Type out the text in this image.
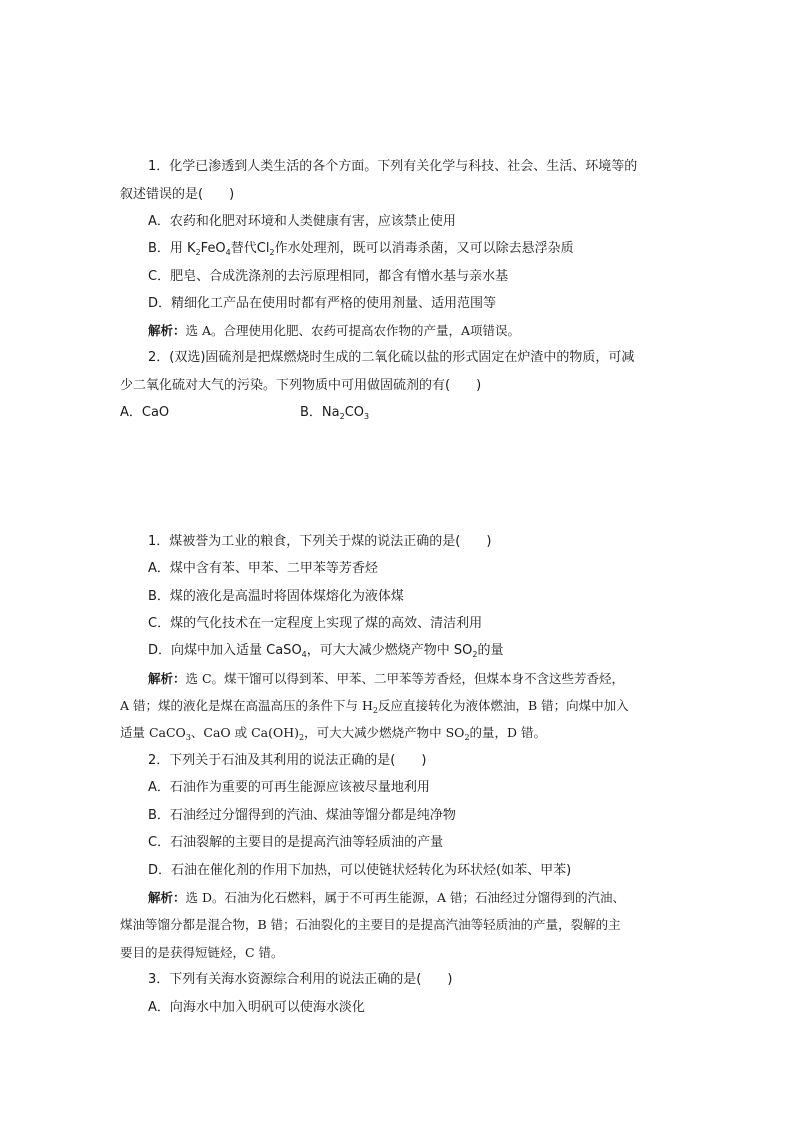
1．化学已渗透到人类生活的各个方面。下列有关化学与科技、社会、生活、环境等的
叙述错误的是(　　)
A．农药和化肥对环境和人类健康有害，应该禁止使用
B．用 $K_2FeO_4$替代$Cl_2$作水处理剂，既可以消毒杀菌，又可以除去悬浮杂质
C．肥皂、合成洗涤剂的去污原理相同，都含有憎水基与亲水基
D．精细化工产品在使用时都有严格的使用剂量、适用范围等
解析：选 A。合理使用化肥、农药可提高农作物的产量，A项错误。
2．(双选)固硫剂是把煤燃烧时生成的二氧化硫以盐的形式固定在炉渣中的物质，可减
少二氧化硫对大气的污染。下列物质中可用做固硫剂的有(　　)
A．CaO	B．$Na_2CO_3$
1．煤被誉为工业的粮食，下列关于煤的说法正确的是(　　)
A．煤中含有苯、甲苯、二甲苯等芳香烃
B．煤的液化是高温时将固体煤熔化为液体煤
C．煤的气化技术在一定程度上实现了煤的高效、清洁利用
D．向煤中加入适量 CaSO$_4$，可大大减少燃烧产物中 $SO_2$的量
解析：选 C。煤干馏可以得到苯、甲苯、二甲苯等芳香烃，但煤本身不含这些芳香烃，
A 错；煤的液化是煤在高温高压的条件下与 $H_2$反应直接转化为液体燃油，B 错；向煤中加入
适量 CaCO$_3$、CaO 或 $Ca(OH)_2$，可大大减少燃烧产物中 $SO_2$的量，D 错。
2．下列关于石油及其利用的说法正确的是(　　)
A．石油作为重要的可再生能源应该被尽量地利用
B．石油经过分馏得到的汽油、煤油等馏分都是纯净物
C．石油裂解的主要目的是提高汽油等轻质油的产量
D．石油在催化剂的作用下加热，可以使链状烃转化为环状烃(如苯、甲苯)
解析：选 D。石油为化石燃料，属于不可再生能源，A 错；石油经过分馏得到的汽油、
煤油等馏分都是混合物，B 错；石油裂化的主要目的是提高汽油等轻质油的产量，裂解的主
要目的是获得短链烃，C 错。
3．下列有关海水资源综合利用的说法正确的是(　　)
A．向海水中加入明矾可以使海水淡化
